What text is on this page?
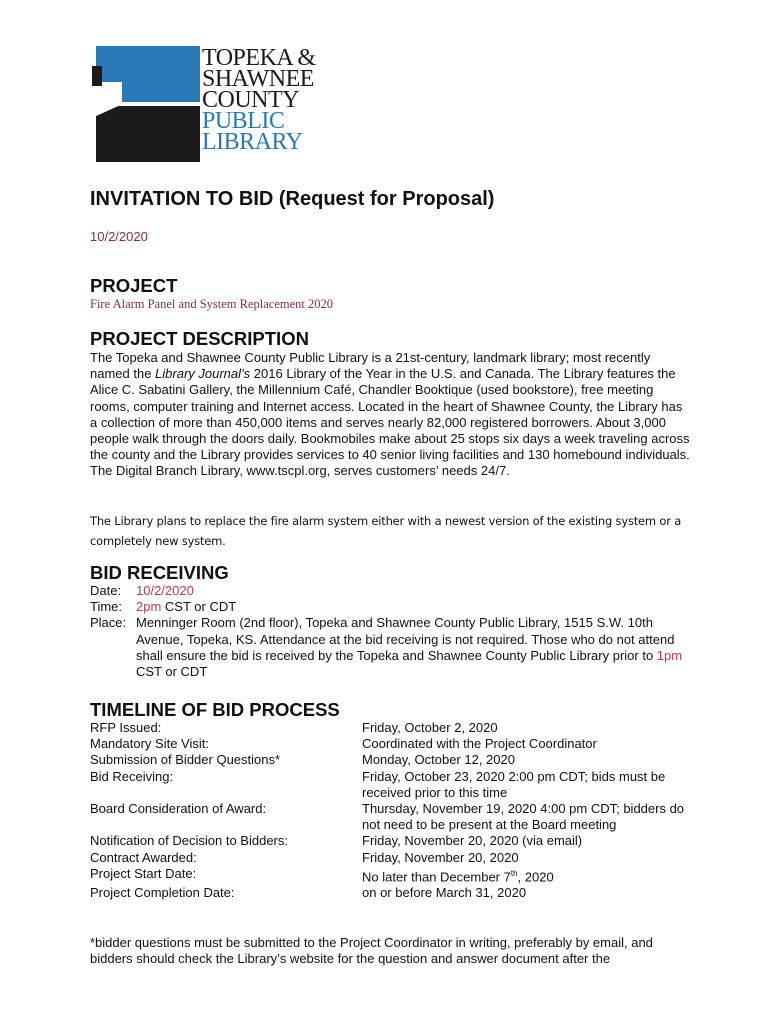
TOPEKA &
SHAWNEE
COUNTY
PUBLIC
LIBRARY
INVITATION TO BID (Request for Proposal)
10/2/2020
PROJECT
Fire Alarm Panel and System Replacement 2020
PROJECT DESCRIPTION
The Topeka and Shawnee County Public Library is a 21st-century, landmark library; most recently named the Library Journal’s 2016 Library of the Year in the U.S. and Canada. The Library features the Alice C. Sabatini Gallery, the Millennium Café, Chandler Booktique (used bookstore), free meeting rooms, computer training and Internet access. Located in the heart of Shawnee County, the Library has a collection of more than 450,000 items and serves nearly 82,000 registered borrowers. About 3,000 people walk through the doors daily. Bookmobiles make about 25 stops six days a week traveling across the county and the Library provides services to 40 senior living facilities and 130 homebound individuals. The Digital Branch Library, www.tscpl.org, serves customers’ needs 24/7.
The Library plans to replace the fire alarm system either with a newest version of the existing system or a completely new system.
BID RECEIVING
Date:	10/2/2020
Time:	2pm CST or CDT
Place: Menninger Room (2nd floor), Topeka and Shawnee County Public Library, 1515 S.W. 10th Avenue, Topeka, KS. Attendance at the bid receiving is not required. Those who do not attend shall ensure the bid is received by the Topeka and Shawnee County Public Library prior to 1pm CST or CDT
TIMELINE OF BID PROCESS
RFP Issued:	Friday, October 2, 2020
Mandatory Site Visit:	Coordinated with the Project Coordinator
Submission of Bidder Questions*	Monday, October 12, 2020
Bid Receiving:	Friday, October 23, 2020 2:00 pm CDT; bids must be received prior to this time
Board Consideration of Award:	Thursday, November 19, 2020 4:00 pm CDT; bidders do not need to be present at the Board meeting
Notification of Decision to Bidders:	Friday, November 20, 2020 (via email)
Contract Awarded:	Friday, November 20, 2020
Project Start Date:	No later than December 7th, 2020
Project Completion Date:	on or before March 31, 2020
*bidder questions must be submitted to the Project Coordinator in writing, preferably by email, and bidders should check the Library’s website for the question and answer document after the
